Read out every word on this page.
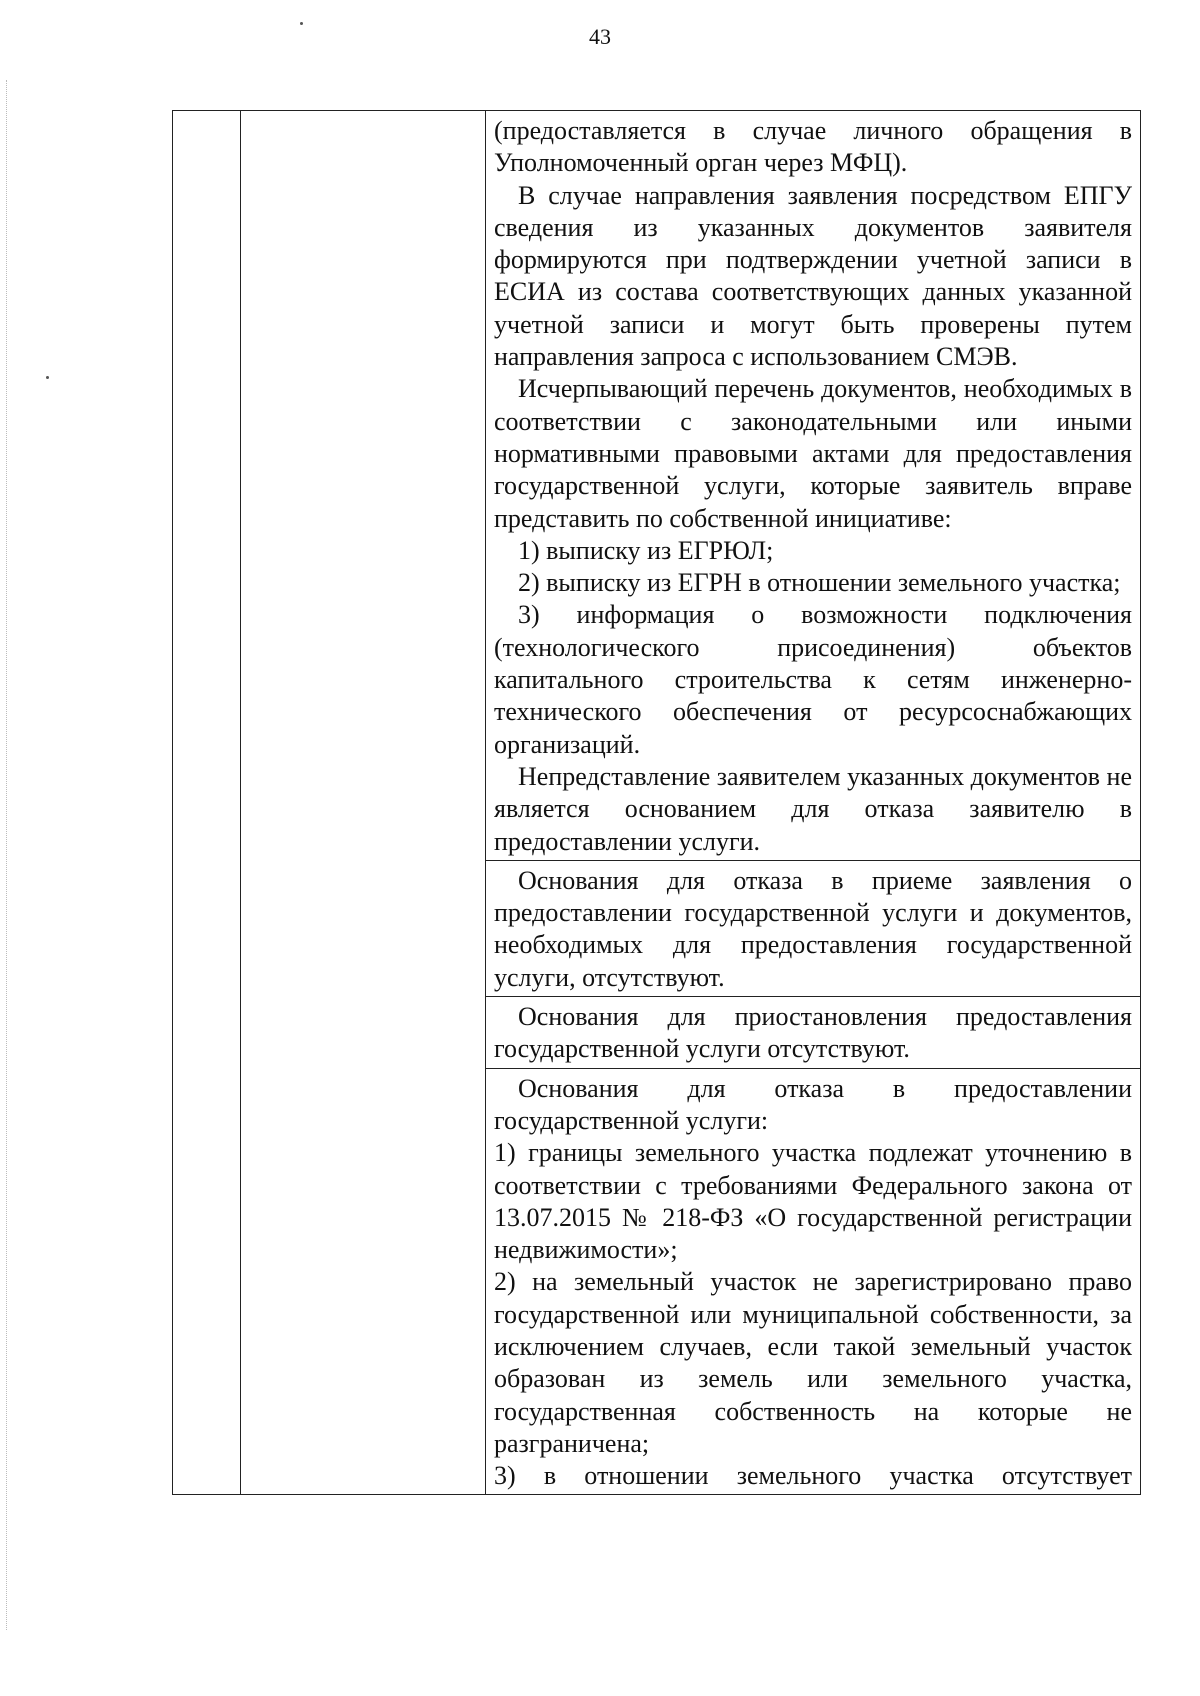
43

(предоставляется в случае личного обращения в Уполномоченный орган через МФЦ).

В случае направления заявления посредством ЕПГУ сведения из указанных документов заявителя формируются при подтверждении учетной записи в ЕСИА из состава соответствующих данных указанной учетной записи и могут быть проверены путем направления запроса с использованием СМЭВ.

Исчерпывающий перечень документов, необходимых в соответствии с законодательными или иными нормативными правовыми актами для предоставления государственной услуги, которые заявитель вправе представить по собственной инициативе:

1) выписку из ЕГРЮЛ;

2) выписку из ЕГРН в отношении земельного участка;

3) информация о возможности подключения (технологического присоединения) объектов капитального строительства к сетям инженерно-технического обеспечения от ресурсоснабжающих организаций.

Непредставление заявителем указанных документов не является основанием для отказа заявителю в предоставлении услуги.

Основания для отказа в приеме заявления о предоставлении государственной услуги и документов, необходимых для предоставления государственной услуги, отсутствуют.

Основания для приостановления предоставления государственной услуги отсутствуют.

Основания для отказа в предоставлении государственной услуги:

1) границы земельного участка подлежат уточнению в соответствии с требованиями Федерального закона от 13.07.2015 № 218-ФЗ «О государственной регистрации недвижимости»;

2) на земельный участок не зарегистрировано право государственной или муниципальной собственности, за исключением случаев, если такой земельный участок образован из земель или земельного участка, государственная собственность на которые не разграничена;

3) в отношении земельного участка отсутствует
